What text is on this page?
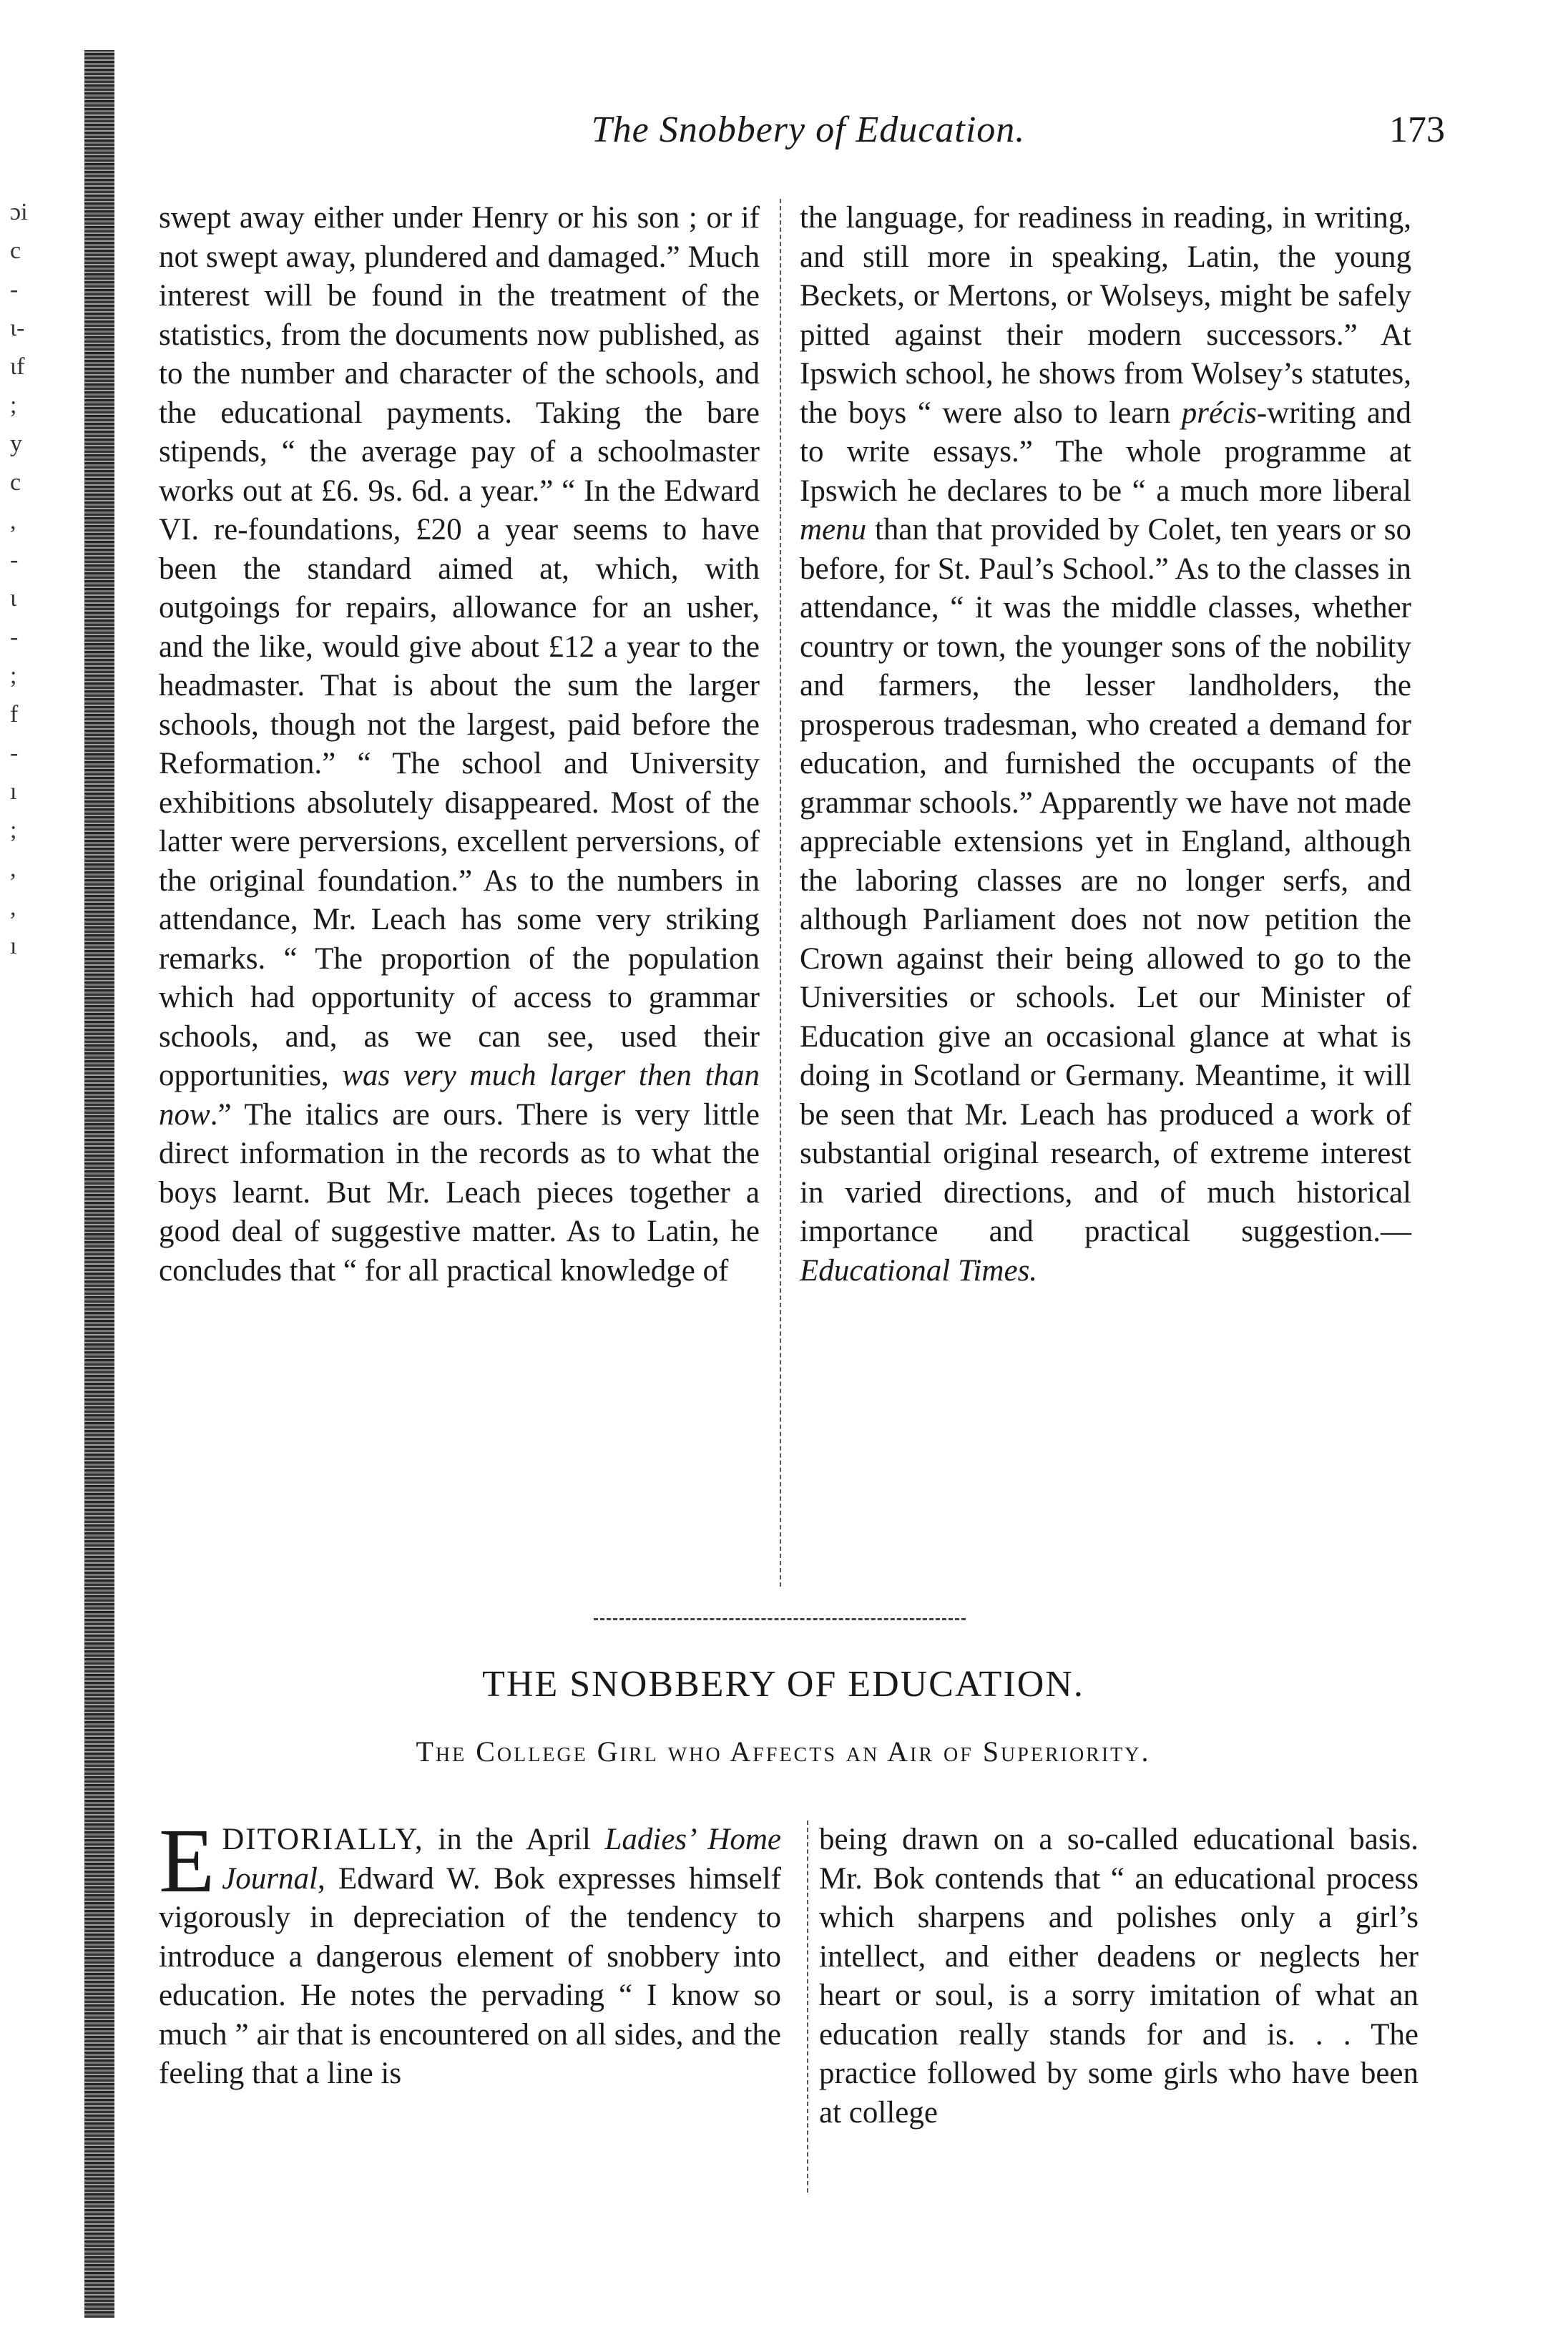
ɔi
c
-
ι-
ɩf
;
y
c
,
-
ɩ
-
;
f
-
ı
;
,
,
ı
The Snobbery of Education.	173

swept away either under Henry or his son ; or if not swept away, plundered and damaged.” Much interest will be found in the treatment of the statistics, from the documents now published, as to the number and character of the schools, and the educational payments. Taking the bare stipends, “ the average pay of a schoolmaster works out at £6. 9s. 6d. a year.” “ In the Edward VI. re-foundations, £20 a year seems to have been the standard aimed at, which, with outgoings for repairs, allowance for an usher, and the like, would give about £12 a year to the headmaster. That is about the sum the larger schools, though not the largest, paid before the Reformation.” “ The school and University exhibitions absolutely disappeared. Most of the latter were perversions, excellent perversions, of the original foundation.” As to the numbers in attendance, Mr. Leach has some very striking remarks. “ The proportion of the population which had opportunity of access to grammar schools, and, as we can see, used their opportunities, was very much larger then than now.” The italics are ours. There is very little direct information in the records as to what the boys learnt. But Mr. Leach pieces together a good deal of suggestive matter. As to Latin, he concludes that “ for all practical knowledge of

the language, for readiness in reading, in writing, and still more in speaking, Latin, the young Beckets, or Mertons, or Wolseys, might be safely pitted against their modern successors.” At Ipswich school, he shows from Wolsey’s statutes, the boys “ were also to learn précis-writing and to write essays.” The whole programme at Ipswich he declares to be “ a much more liberal menu than that provided by Colet, ten years or so before, for St. Paul’s School.” As to the classes in attendance, “ it was the middle classes, whether country or town, the younger sons of the nobility and farmers, the lesser landholders, the prosperous tradesman, who created a demand for education, and furnished the occupants of the grammar schools.” Apparently we have not made appreciable extensions yet in England, although the laboring classes are no longer serfs, and although Parliament does not now petition the Crown against their being allowed to go to the Universities or schools. Let our Minister of Education give an occasional glance at what is doing in Scotland or Germany. Meantime, it will be seen that Mr. Leach has produced a work of substantial original research, of extreme interest in varied directions, and of much historical importance and practical suggestion.—Educational Times.

THE SNOBBERY OF EDUCATION.
The College Girl who Affects an Air of Superiority.

EDITORIALLY, in the April Ladies’ Home Journal, Edward W. Bok expresses himself vigorously in depreciation of the tendency to introduce a dangerous element of snobbery into education. He notes the pervading “ I know so much ” air that is encountered on all sides, and the feeling that a line is

being drawn on a so-called educational basis. Mr. Bok contends that “ an educational process which sharpens and polishes only a girl’s intellect, and either deadens or neglects her heart or soul, is a sorry imitation of what an education really stands for and is. . . The practice followed by some girls who have been at college
